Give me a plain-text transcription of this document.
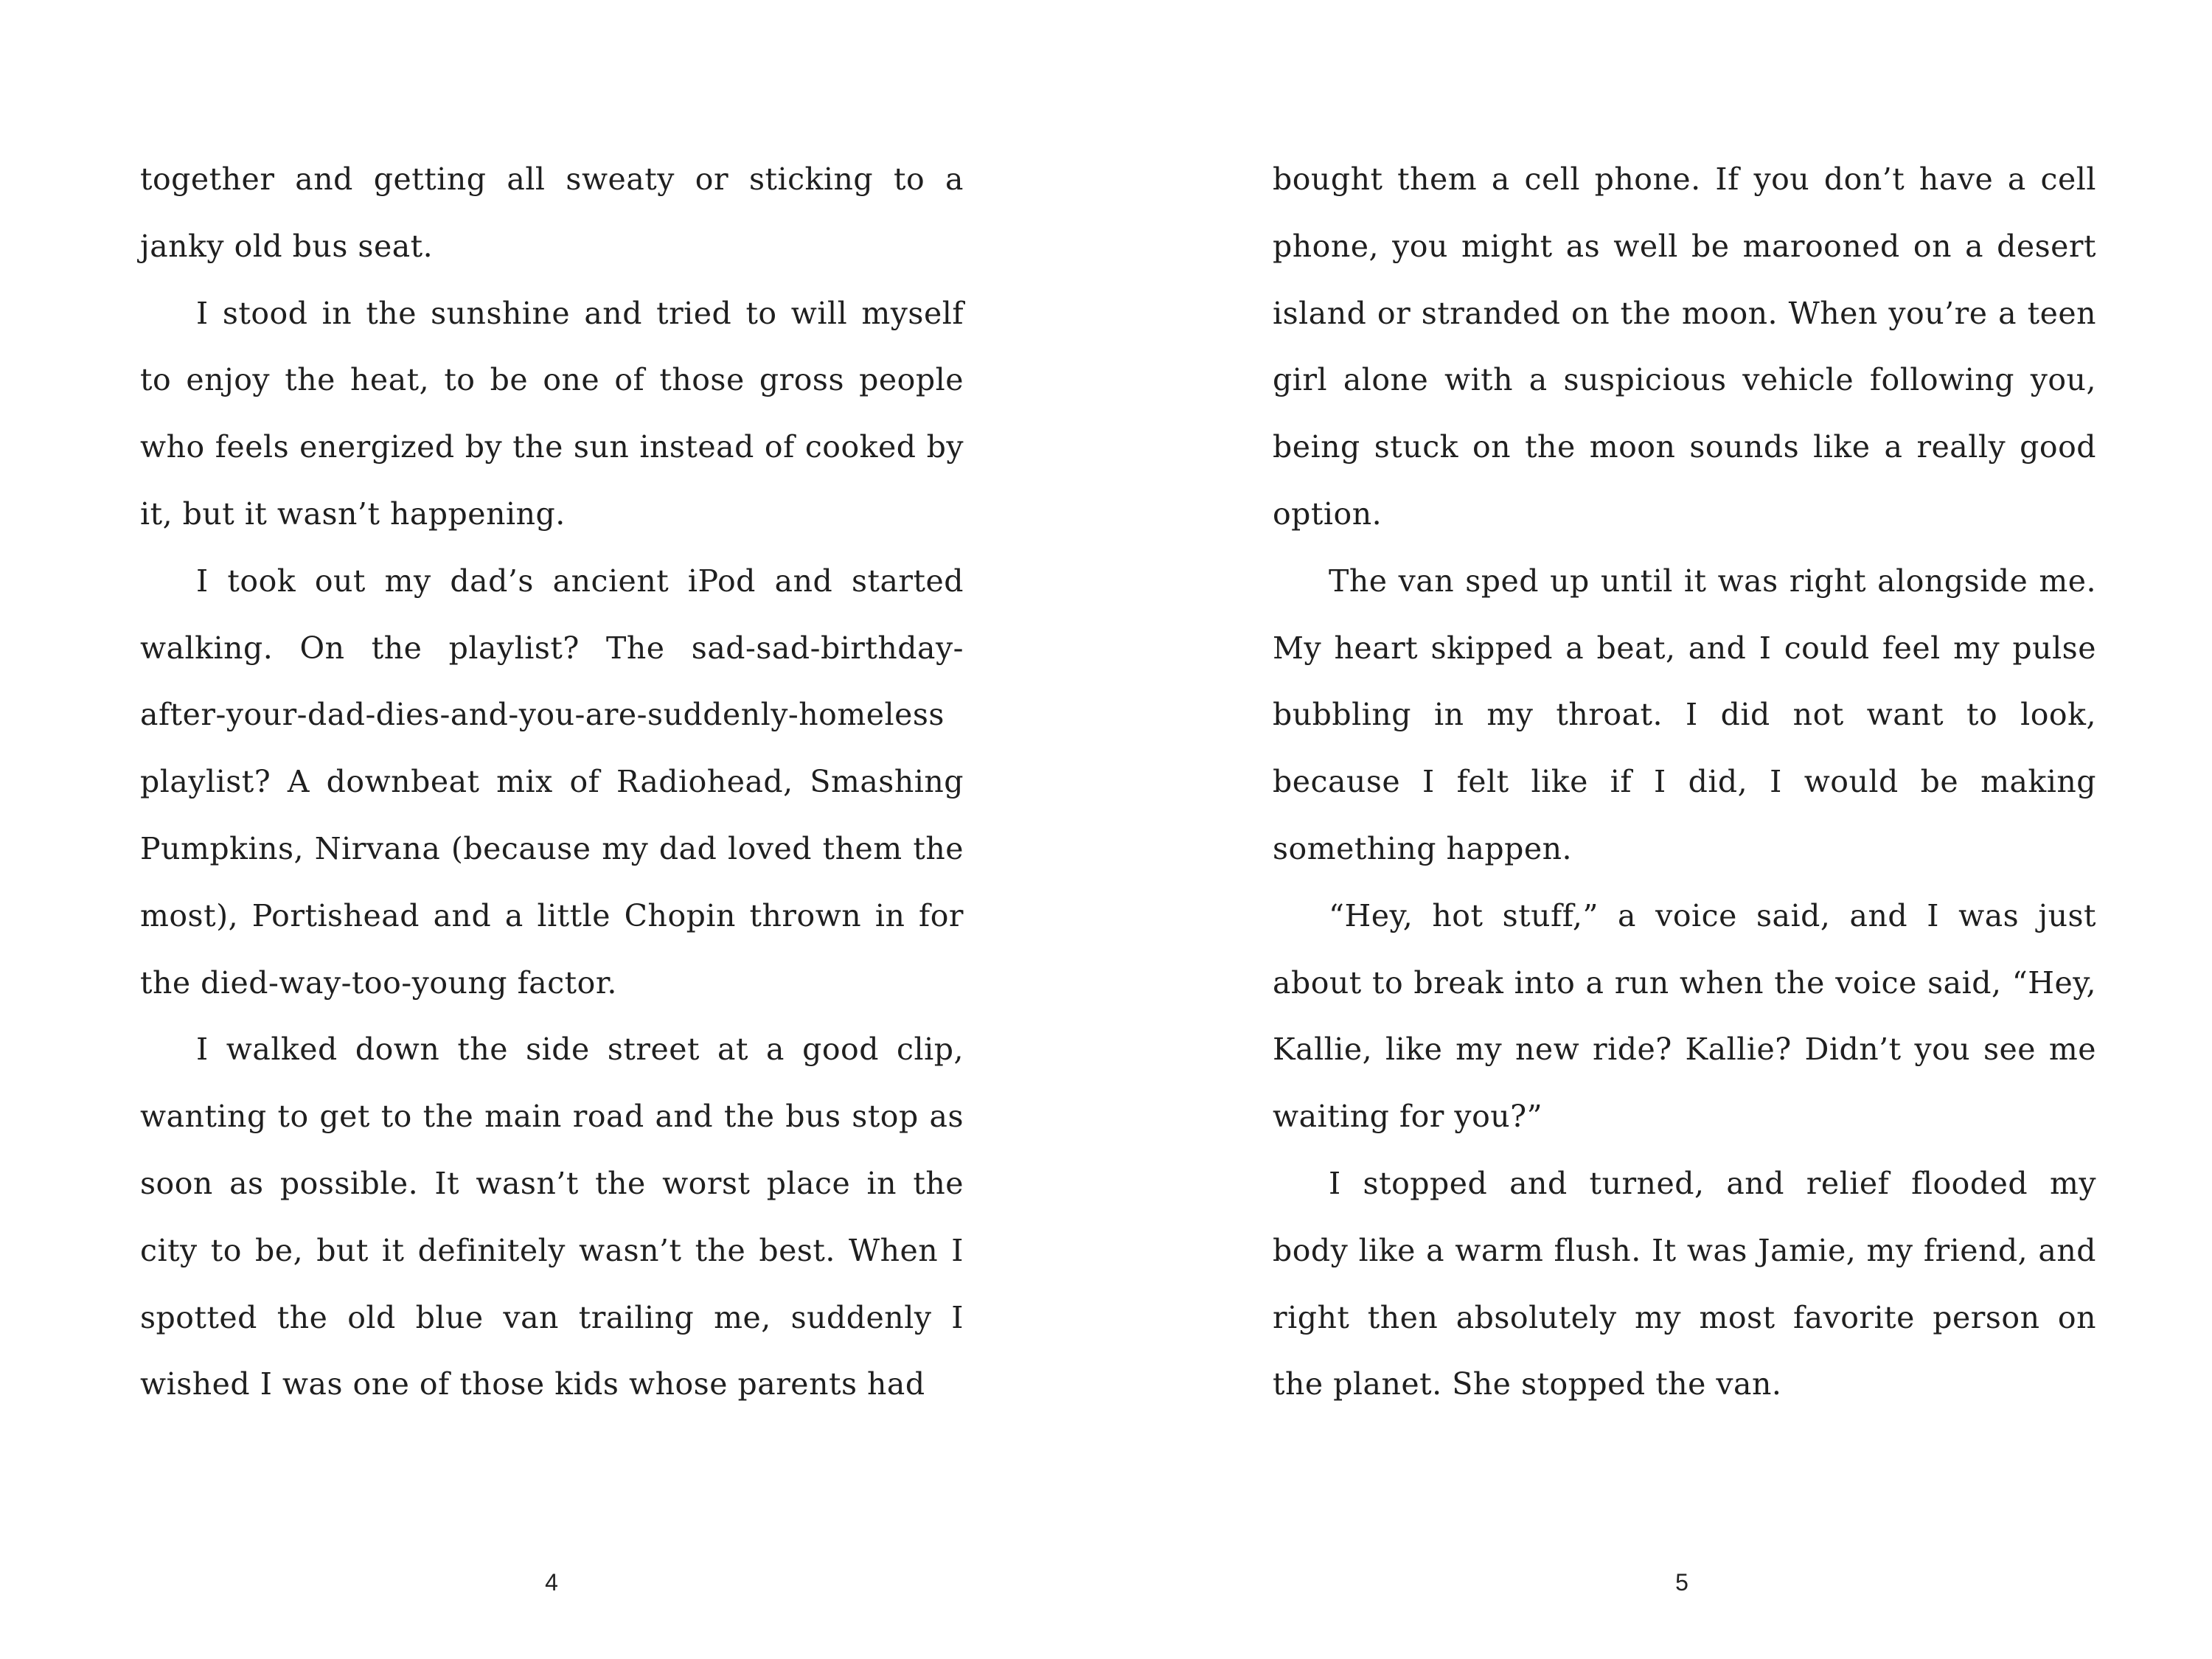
together and getting all sweaty or sticking to a janky old bus seat.

I stood in the sunshine and tried to will myself to enjoy the heat, to be one of those gross people who feels energized by the sun instead of cooked by it, but it wasn’t happening.

I took out my dad’s ancient iPod and started walking. On the playlist? The sad-sad-birthday-after-your-dad-dies-and-you-are-suddenly-homeless playlist? A downbeat mix of Radiohead, Smashing Pumpkins, Nirvana (because my dad loved them the most), Portishead and a little Chopin thrown in for the died-way-too-young factor.

I walked down the side street at a good clip, wanting to get to the main road and the bus stop as soon as possible. It wasn’t the worst place in the city to be, but it definitely wasn’t the best. When I spotted the old blue van trailing me, suddenly I wished I was one of those kids whose parents had

4

bought them a cell phone. If you don’t have a cell phone, you might as well be marooned on a desert island or stranded on the moon. When you’re a teen girl alone with a suspicious vehicle following you, being stuck on the moon sounds like a really good option.

The van sped up until it was right alongside me. My heart skipped a beat, and I could feel my pulse bubbling in my throat. I did not want to look, because I felt like if I did, I would be making something happen.

“Hey, hot stuff,” a voice said, and I was just about to break into a run when the voice said, “Hey, Kallie, like my new ride? Kallie? Didn’t you see me waiting for you?”

I stopped and turned, and relief flooded my body like a warm flush. It was Jamie, my friend, and right then absolutely my most favorite person on the planet. She stopped the van.

5
